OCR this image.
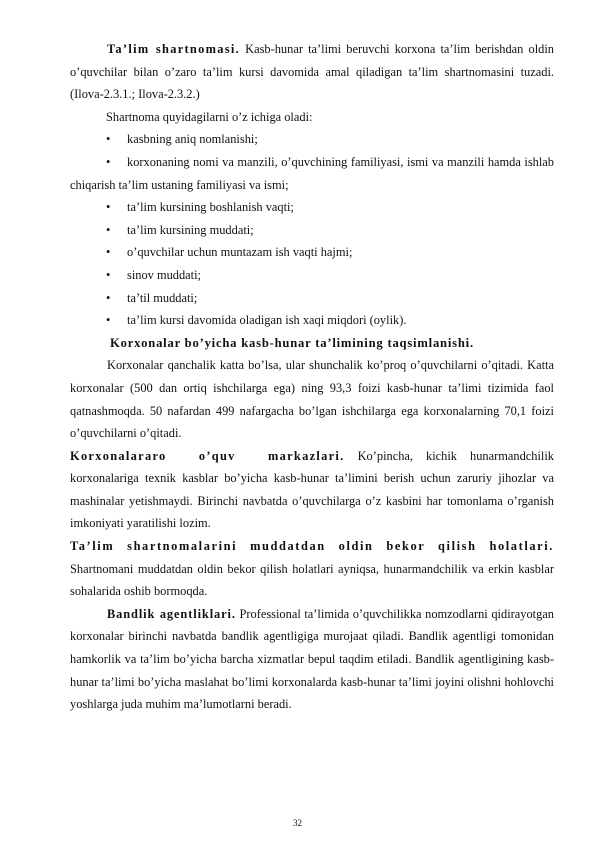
Ta’lim shartnomasi. Kasb-hunar ta’limi beruvchi korxona ta’lim berishdan oldin o’quvchilar bilan o’zaro ta’lim kursi davomida amal qiladigan ta’lim shartnomasini tuzadi. (Ilova-2.3.1.; Ilova-2.3.2.)

Shartnoma quyidagilarni o’z ichiga oladi:

• kasbning aniq nomlanishi;

• korxonaning nomi va manzili, o’quvchining familiyasi, ismi va manzili hamda ishlab chiqarish ta’lim ustaning familiyasi va ismi;

• ta’lim kursining boshlanish vaqti;

• ta’lim kursining muddati;

• o’quvchilar uchun muntazam ish vaqti hajmi;

• sinov muddati;

• ta’til muddati;

• ta’lim kursi davomida oladigan ish xaqi miqdori (oylik).

Korxonalar bo’yicha kasb-hunar ta’limining taqsimlanishi.

Korxonalar qanchalik katta bo’lsa, ular shunchalik ko’proq o’quvchilarni o’qitadi. Katta korxonalar (500 dan ortiq ishchilarga ega) ning 93,3 foizi kasb-hunar ta’limi tizimida faol qatnashmoqda. 50 nafardan 499 nafargacha bo’lgan ishchilarga ega korxonalarning 70,1 foizi o’quvchilarni o’qitadi.

Korxonalararo o’quv markazlari. Ko’pincha, kichik hunarmandchilik korxonalariga texnik kasblar bo’yicha kasb-hunar ta’limini berish uchun zaruriy jihozlar va mashinalar yetishmaydi. Birinchi navbatda o’quvchilarga o’z kasbini har tomonlama o’rganish imkoniyati yaratilishi lozim.

Ta’lim shartnomalarini muddatdan oldin bekor qilish holatlari.

Shartnomani muddatdan oldin bekor qilish holatlari ayniqsa, hunarmandchilik va erkin kasblar sohalarida oshib bormoqda.

Bandlik agentliklari. Professional ta’limida o’quvchilikka nomzodlarni qidirayotgan korxonalar birinchi navbatda bandlik agentligiga murojaat qiladi. Bandlik agentligi tomonidan hamkorlik va ta’lim bo’yicha barcha xizmatlar bepul taqdim etiladi. Bandlik agentligining kasb-hunar ta’limi bo’yicha maslahat bo’limi korxonalarda kasb-hunar ta’limi joyini olishni hohlovchi yoshlarga juda muhim ma’lumotlarni beradi.

32
